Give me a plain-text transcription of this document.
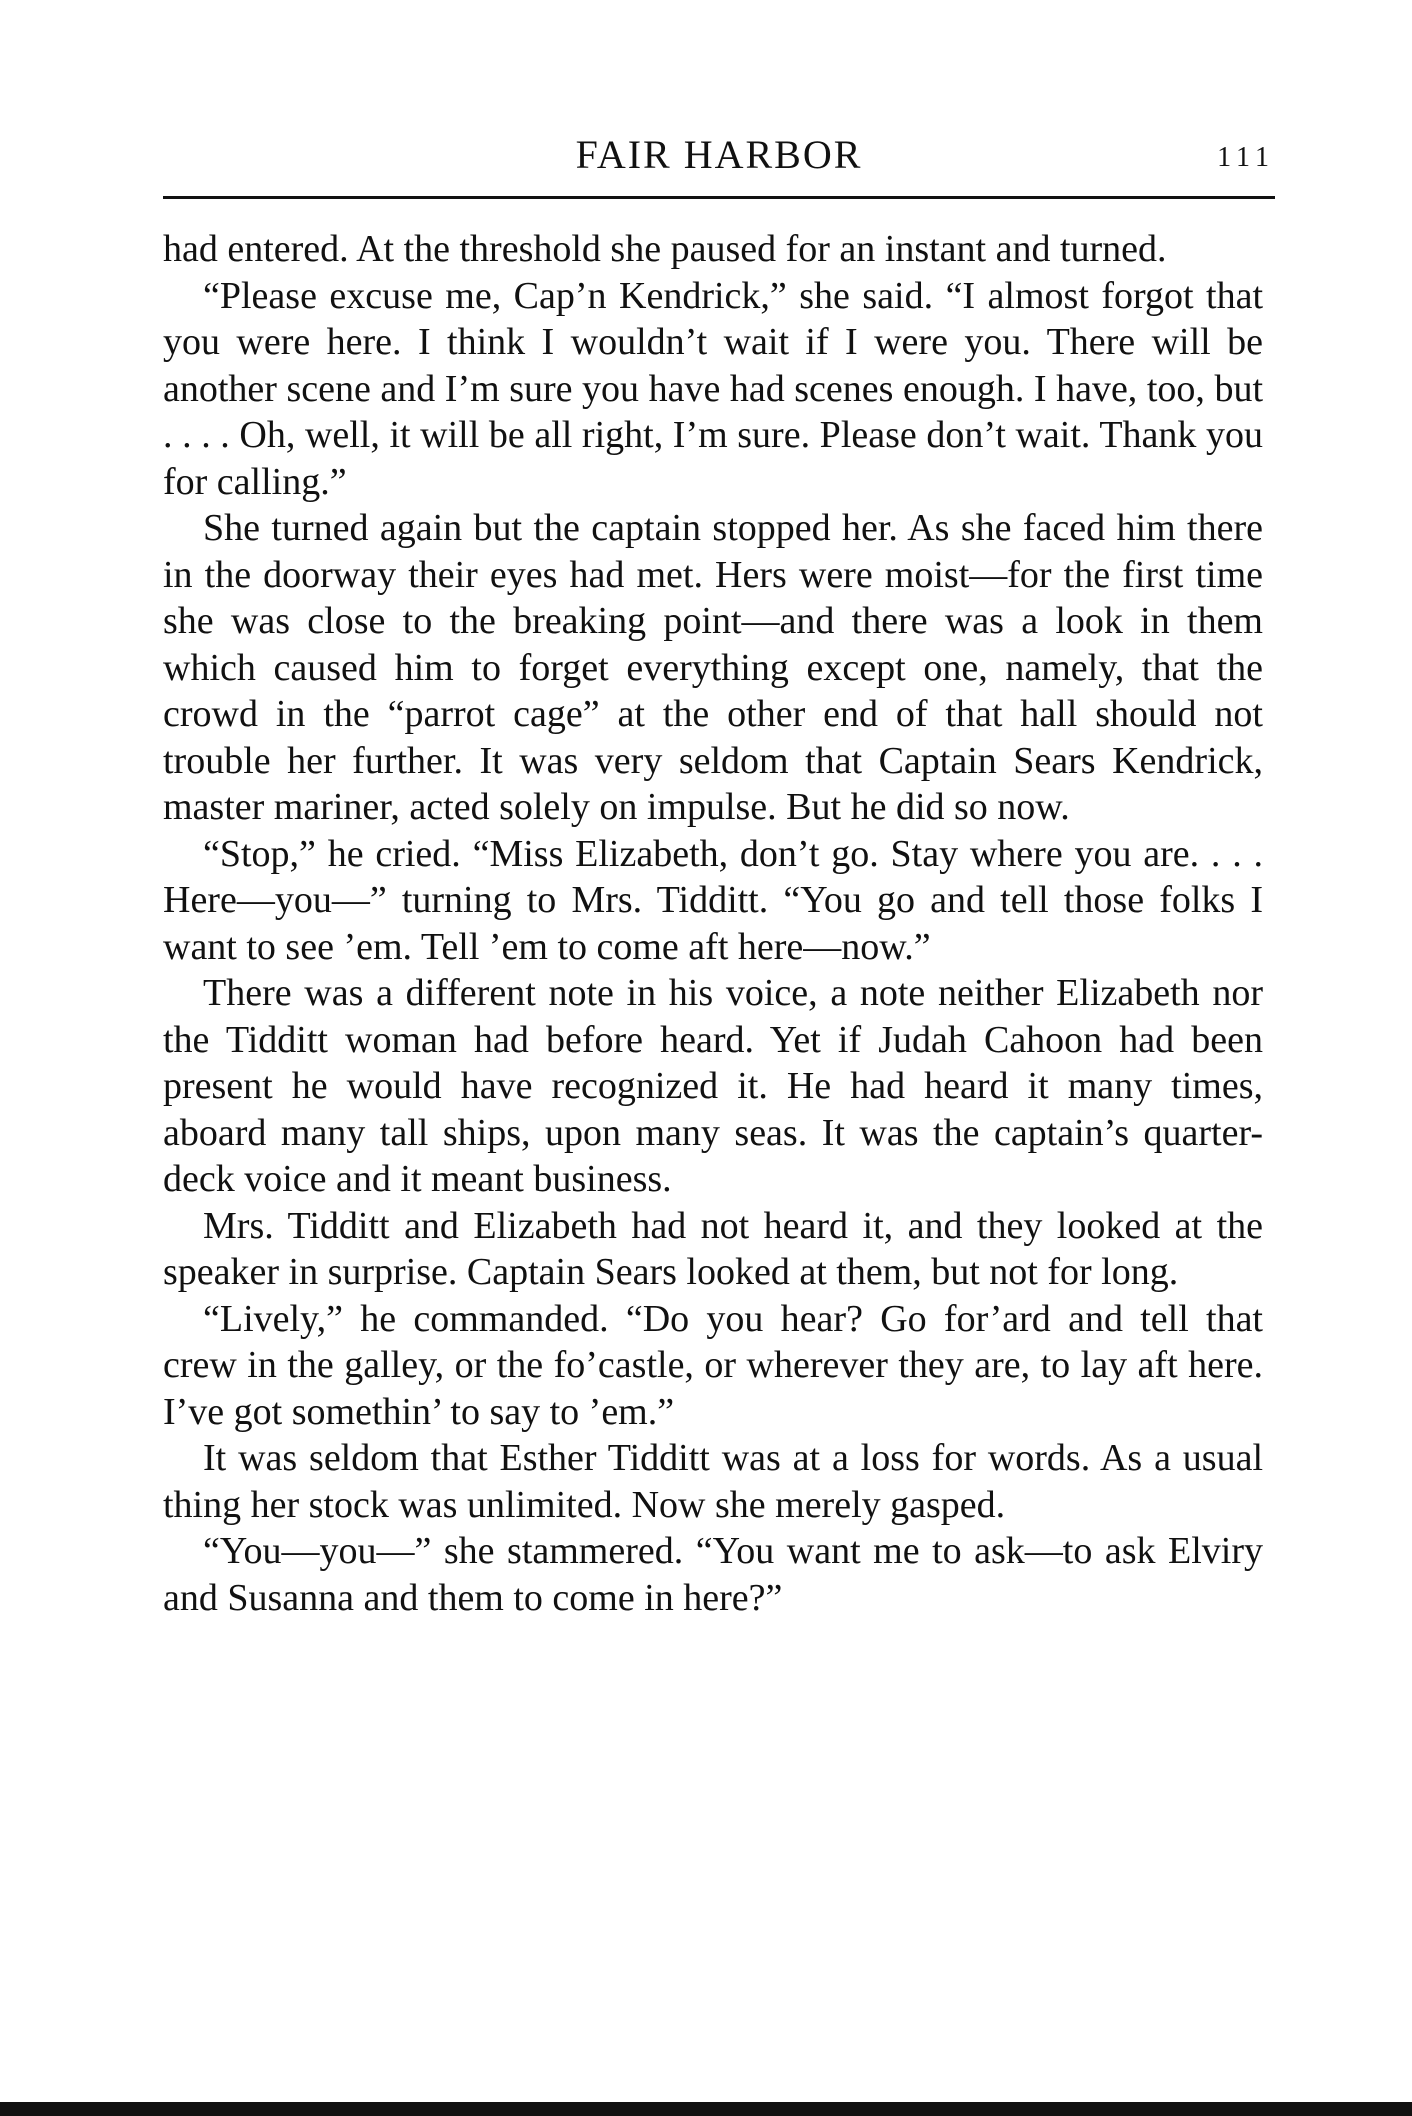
FAIR HARBOR	111

had entered. At the threshold she paused for an instant and turned.

“Please excuse me, Cap’n Kendrick,” she said. “I almost forgot that you were here. I think I wouldn’t wait if I were you. There will be another scene and I’m sure you have had scenes enough. I have, too, but . . . . Oh, well, it will be all right, I’m sure. Please don’t wait. Thank you for calling.”

She turned again but the captain stopped her. As she faced him there in the doorway their eyes had met. Hers were moist—for the first time she was close to the breaking point—and there was a look in them which caused him to forget everything except one, namely, that the crowd in the “parrot cage” at the other end of that hall should not trouble her further. It was very seldom that Captain Sears Kendrick, master mariner, acted solely on impulse. But he did so now.

“Stop,” he cried. “Miss Elizabeth, don’t go. Stay where you are. . . . Here—you—” turning to Mrs. Tidditt. “You go and tell those folks I want to see ’em. Tell ’em to come aft here—now.”

There was a different note in his voice, a note neither Elizabeth nor the Tidditt woman had before heard. Yet if Judah Cahoon had been present he would have recognized it. He had heard it many times, aboard many tall ships, upon many seas. It was the captain’s quarter-deck voice and it meant business.

Mrs. Tidditt and Elizabeth had not heard it, and they looked at the speaker in surprise. Captain Sears looked at them, but not for long.

“Lively,” he commanded. “Do you hear? Go for’ard and tell that crew in the galley, or the fo’castle, or wherever they are, to lay aft here. I’ve got somethin’ to say to ’em.”

It was seldom that Esther Tidditt was at a loss for words. As a usual thing her stock was unlimited. Now she merely gasped.

“You—you—” she stammered. “You want me to ask—to ask Elviry and Susanna and them to come in here?”
